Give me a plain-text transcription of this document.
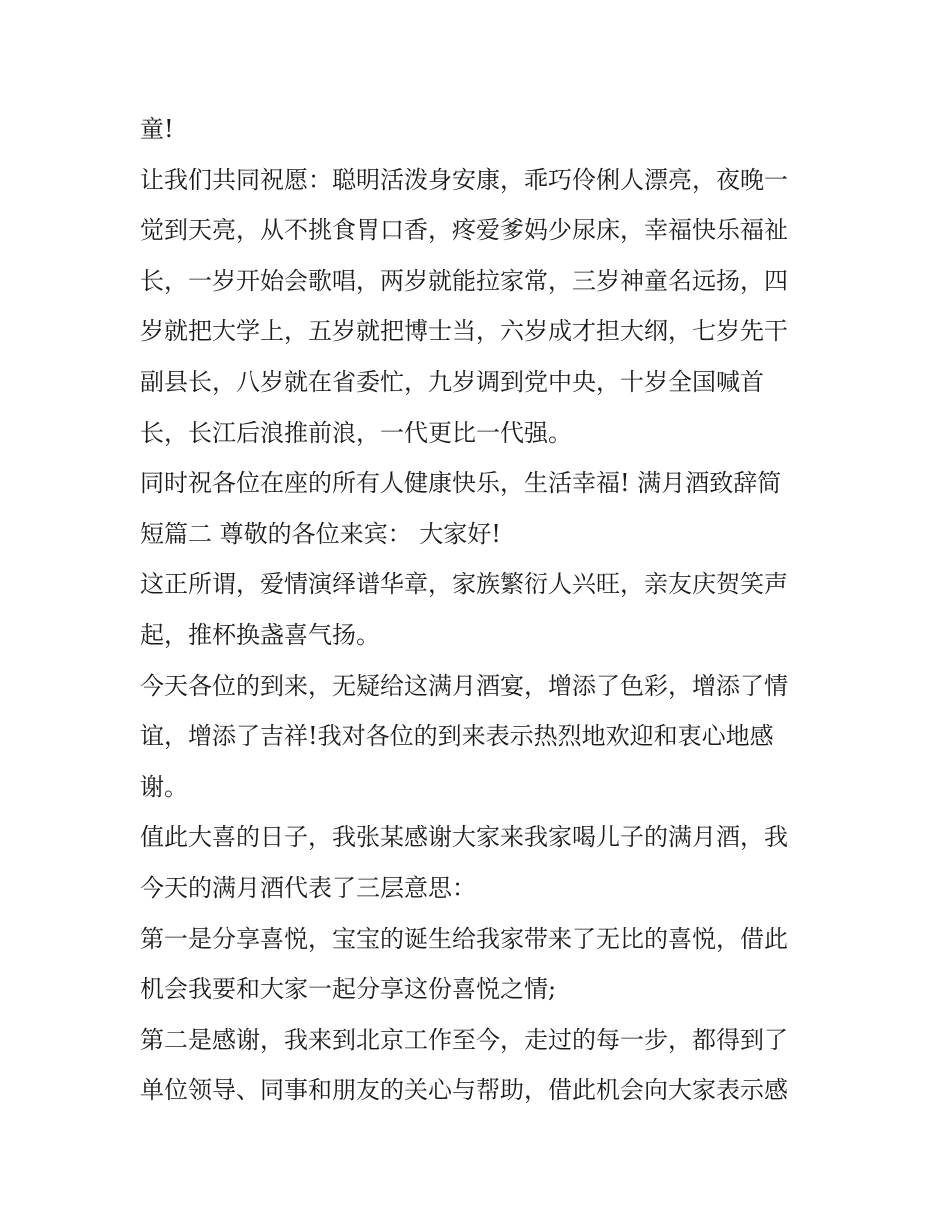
童!
让我们共同祝愿：聪明活泼身安康，乖巧伶俐人漂亮，夜晚一
觉到天亮，从不挑食胃口香，疼爱爹妈少尿床，幸福快乐福祉
长，一岁开始会歌唱，两岁就能拉家常，三岁神童名远扬，四
岁就把大学上，五岁就把博士当，六岁成才担大纲，七岁先干
副县长，八岁就在省委忙，九岁调到党中央，十岁全国喊首
长，长江后浪推前浪，一代更比一代强。
同时祝各位在座的所有人健康快乐，生活幸福! 满月酒致辞简
短篇二 尊敬的各位来宾： 大家好!
这正所谓，爱情演绎谱华章，家族繁衍人兴旺，亲友庆贺笑声
起，推杯换盏喜气扬。
今天各位的到来，无疑给这满月酒宴，增添了色彩，增添了情
谊，增添了吉祥!我对各位的到来表示热烈地欢迎和衷心地感
谢。
值此大喜的日子，我张某感谢大家来我家喝儿子的满月酒，我
今天的满月酒代表了三层意思：
第一是分享喜悦，宝宝的诞生给我家带来了无比的喜悦，借此
机会我要和大家一起分享这份喜悦之情;
第二是感谢，我来到北京工作至今，走过的每一步，都得到了
单位领导、同事和朋友的关心与帮助，借此机会向大家表示感
